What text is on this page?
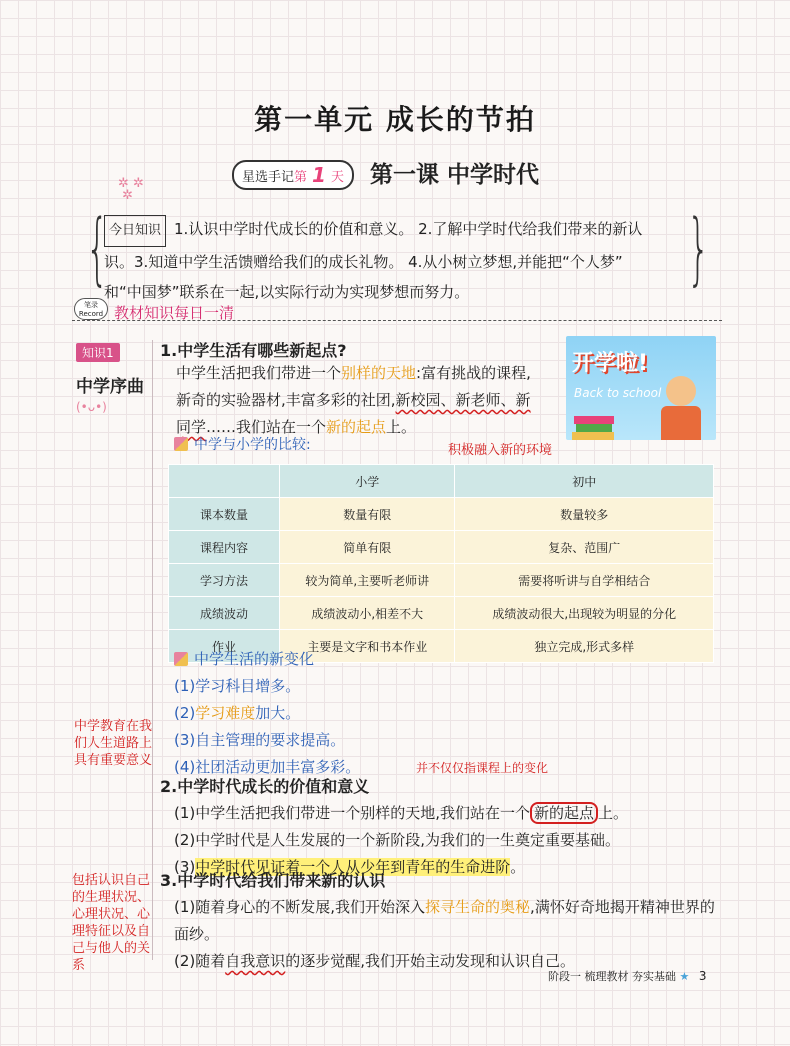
第一单元 成长的节拍
星选手记 第 1 天 第一课 中学时代
✲ ✲
✲
{	}

今日知识 1.认识中学时代成长的价值和意义。 2.了解中学时代给我们带来的新认

识。3.知道中学生活馈赠给我们的成长礼物。 4.从小树立梦想,并能把“个人梦”

和“中国梦”联系在一起,以实际行动为实现梦想而努力。

笔录
Record 教材知识每日一清
知识1
中学序曲
(•ᴗ•)
1.中学生活有哪些新起点?
中学生活把我们带进一个别样的天地:富有挑战的课程,
新奇的实验器材,丰富多彩的社团,新校园、新老师、新
同学……我们站在一个新的起点上。
开学啦!
Back to school
积极融入新的环境
中学与小学的比较:
	小学	初中
课本数量	数量有限	数量较多
课程内容	简单有限	复杂、范围广
学习方法	较为简单,主要听老师讲	需要将听讲与自学相结合
成绩波动	成绩波动小,相差不大	成绩波动很大,出现较为明显的分化
作业	主要是文字和书本作业	独立完成,形式多样
中学生活的新变化
(1)学习科目增多。
(2)学习难度加大。
(3)自主管理的要求提高。
(4)社团活动更加丰富多彩。
中学教育在我
们人生道路上
具有重要意义	并不仅仅指课程上的变化
2.中学时代成长的价值和意义
(1)中学生活把我们带进一个别样的天地,我们站在一个 新的起点 上。
(2)中学时代是人生发展的一个新阶段,为我们的一生奠定重要基础。
(3)中学时代见证着一个人从少年到青年的生命进阶。
包括认识自己
的生理状况、
心理状况、心
理特征以及自
己与他人的关
系
3.中学时代给我们带来新的认识
(1)随着身心的不断发展,我们开始深入探寻生命的奥秘,满怀好奇地揭开精神世界的
面纱。
(2)随着自我意识的逐步觉醒,我们开始主动发现和认识自己。
阶段一 梳理教材 夯实基础 ★ 3
